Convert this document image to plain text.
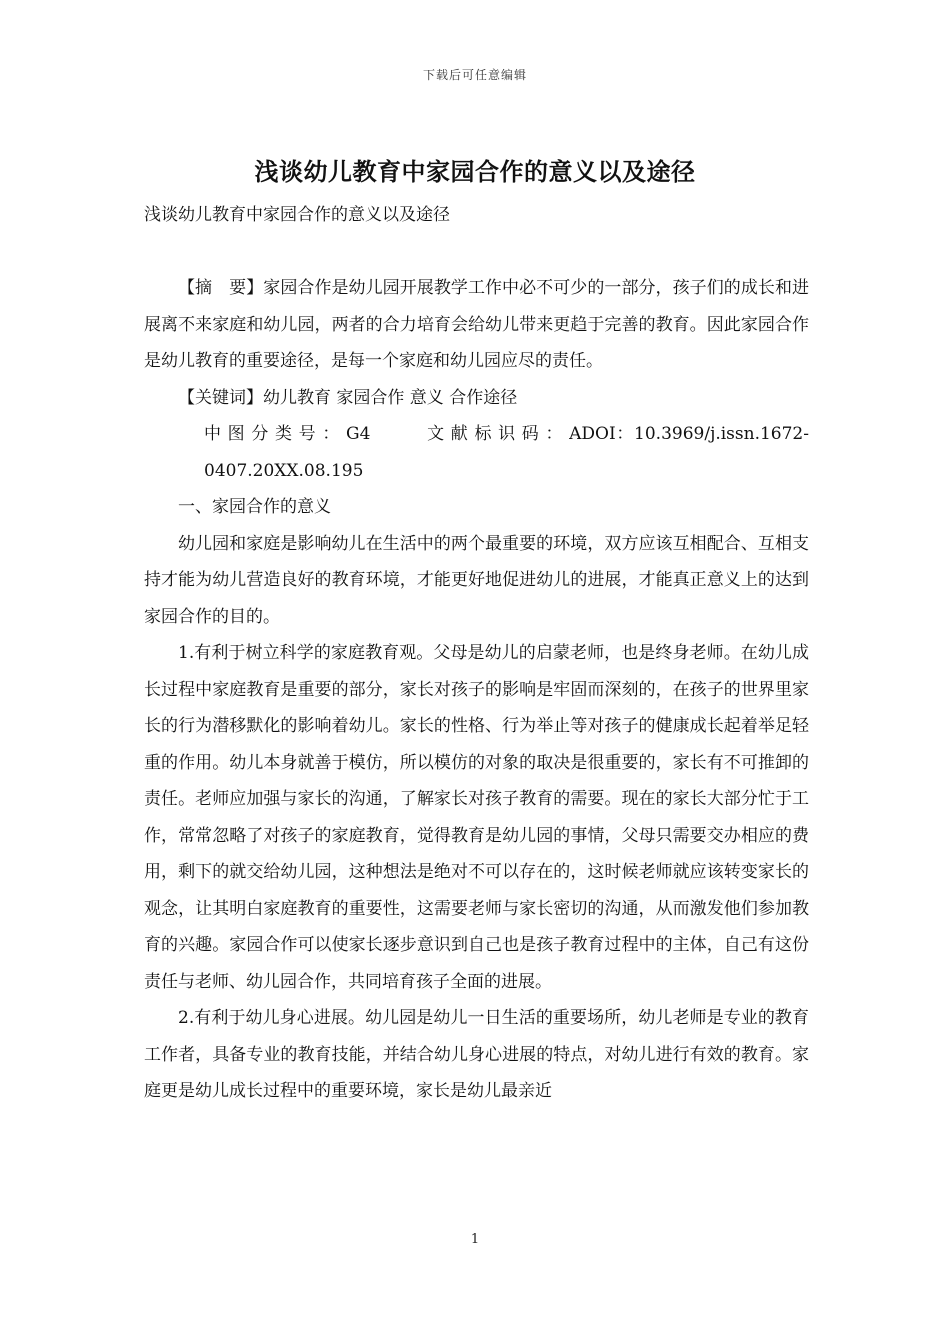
下载后可任意编辑
浅谈幼儿教育中家园合作的意义以及途径

浅谈幼儿教育中家园合作的意义以及途径

【摘　要】家园合作是幼儿园开展教学工作中必不可少的一部分，孩子们的成长和进展离不来家庭和幼儿园，两者的合力培育会给幼儿带来更趋于完善的教育。因此家园合作是幼儿教育的重要途径，是每一个家庭和幼儿园应尽的责任。

【关键词】幼儿教育 家园合作 意义 合作途径

中图分类号：G4	文献标识码：ADOI：10.3969/j.issn.1672-0407.20XX.08.195

一、家园合作的意义

幼儿园和家庭是影响幼儿在生活中的两个最重要的环境，双方应该互相配合、互相支持才能为幼儿营造良好的教育环境，才能更好地促进幼儿的进展，才能真正意义上的达到家园合作的目的。

1.有利于树立科学的家庭教育观。父母是幼儿的启蒙老师，也是终身老师。在幼儿成长过程中家庭教育是重要的部分，家长对孩子的影响是牢固而深刻的，在孩子的世界里家长的行为潜移默化的影响着幼儿。家长的性格、行为举止等对孩子的健康成长起着举足轻重的作用。幼儿本身就善于模仿，所以模仿的对象的取决是很重要的，家长有不可推卸的责任。老师应加强与家长的沟通，了解家长对孩子教育的需要。现在的家长大部分忙于工作，常常忽略了对孩子的家庭教育，觉得教育是幼儿园的事情，父母只需要交办相应的费用，剩下的就交给幼儿园，这种想法是绝对不可以存在的，这时候老师就应该转变家长的观念，让其明白家庭教育的重要性，这需要老师与家长密切的沟通，从而激发他们参加教育的兴趣。家园合作可以使家长逐步意识到自己也是孩子教育过程中的主体，自己有这份责任与老师、幼儿园合作，共同培育孩子全面的进展。

2.有利于幼儿身心进展。幼儿园是幼儿一日生活的重要场所，幼儿老师是专业的教育工作者，具备专业的教育技能，并结合幼儿身心进展的特点，对幼儿进行有效的教育。家庭更是幼儿成长过程中的重要环境，家长是幼儿最亲近

1
